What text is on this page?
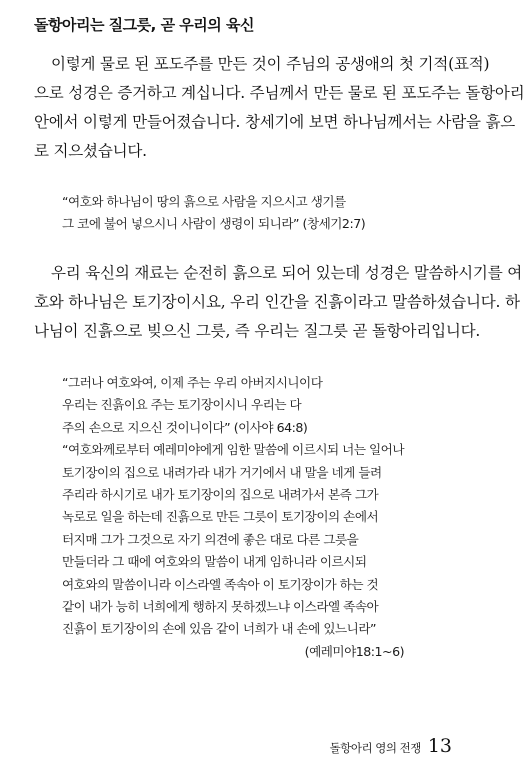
돌항아리는 질그릇, 곧 우리의 육신
이렇게 물로 된 포도주를 만든 것이 주님의 공생애의 첫 기적(표적)
으로 성경은 증거하고 계십니다. 주님께서 만든 물로 된 포도주는 돌항아리
안에서 이렇게 만들어졌습니다. 창세기에 보면 하나님께서는 사람을 흙으
로 지으셨습니다.
“여호와 하나님이 땅의 흙으로 사람을 지으시고 생기를
그 코에 불어 넣으시니 사람이 생령이 되니라” (창세기2:7)
우리 육신의 재료는 순전히 흙으로 되어 있는데 성경은 말씀하시기를 여
호와 하나님은 토기장이시요, 우리 인간을 진흙이라고 말씀하셨습니다. 하
나님이 진흙으로 빚으신 그릇, 즉 우리는 질그릇 곧 돌항아리입니다.
“그러나 여호와여, 이제 주는 우리 아버지시니이다
우리는 진흙이요 주는 토기장이시니 우리는 다
주의 손으로 지으신 것이니이다” (이사야 64:8)
“여호와께로부터 예레미야에게 임한 말씀에 이르시되 너는 일어나
토기장이의 집으로 내려가라 내가 거기에서 내 말을 네게 들려
주리라 하시기로 내가 토기장이의 집으로 내려가서 본즉 그가
녹로로 일을 하는데 진흙으로 만든 그릇이 토기장이의 손에서
터지매 그가 그것으로 자기 의견에 좋은 대로 다른 그릇을
만들더라 그 때에 여호와의 말씀이 내게 임하니라 이르시되
여호와의 말씀이니라 이스라엘 족속아 이 토기장이가 하는 것
같이 내가 능히 너희에게 행하지 못하겠느냐 이스라엘 족속아
진흙이 토기장이의 손에 있음 같이 너희가 내 손에 있느니라”
(예레미야18:1~6)
돌항아리 영의 전쟁 13
